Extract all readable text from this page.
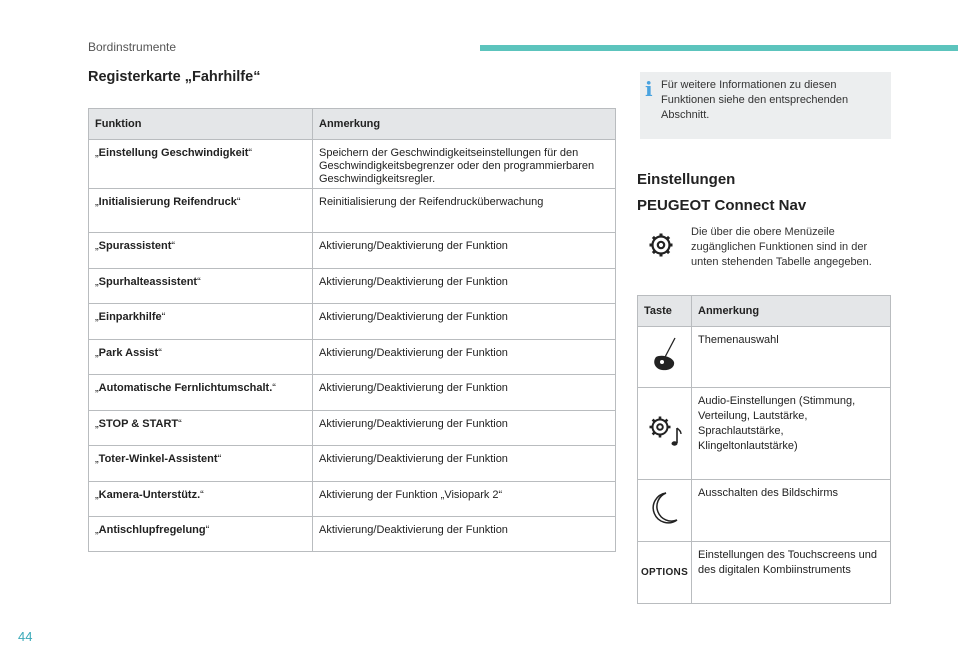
Bordinstrumente
Registerkarte „Fahrhilfe“
Funktion	Anmerkung
„Einstellung Geschwindigkeit“	Speichern der Geschwindigkeitseinstellungen für den Geschwindigkeitsbegrenzer oder den programmierbaren Geschwindigkeitsregler.
„Initialisierung Reifendruck“	Reinitialisierung der Reifendrucküberwachung
„Spurassistent“	Aktivierung/Deaktivierung der Funktion
„Spurhalteassistent“	Aktivierung/Deaktivierung der Funktion
„Einparkhilfe“	Aktivierung/Deaktivierung der Funktion
„Park Assist“	Aktivierung/Deaktivierung der Funktion
„Automatische Fernlichtumschalt.“	Aktivierung/Deaktivierung der Funktion
„STOP & START“	Aktivierung/Deaktivierung der Funktion
„Toter-Winkel-Assistent“	Aktivierung/Deaktivierung der Funktion
„Kamera-Unterstütz.“	Aktivierung der Funktion „Visiopark 2“
„Antischlupfregelung“	Aktivierung/Deaktivierung der Funktion
i Für weitere Informationen zu diesen Funktionen siehe den entsprechenden Abschnitt.
Einstellungen
PEUGEOT Connect Nav
Die über die obere Menüzeile zugänglichen Funktionen sind in der unten stehenden Tabelle angegeben.
Taste	Anmerkung
	Themenauswahl
	Audio-Einstellungen (Stimmung, Verteilung, Lautstärke, Sprachlautstärke, Klingeltonlautstärke)
	Ausschalten des Bildschirms
OPTIONS	Einstellungen des Touchscreens und des digitalen Kombiinstruments
44
